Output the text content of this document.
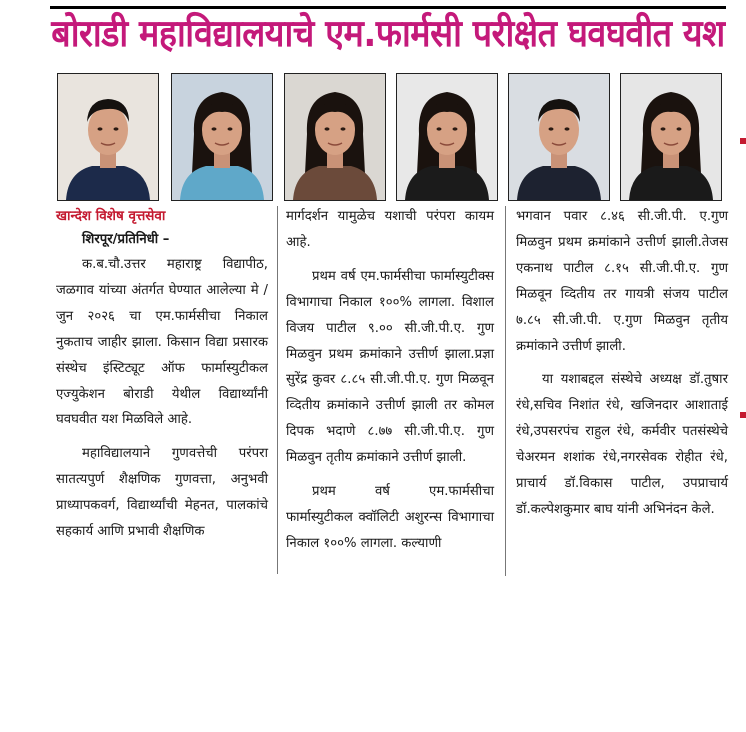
बोराडी महाविद्यालयाचे एम.फार्मसी परीक्षेत घवघवीत यश
खान्देश विशेष वृत्तसेवा
शिरपूर/प्रतिनिधी –

क.ब.चौ.उत्तर महाराष्ट्र विद्यापीठ, जळगाव यांच्या अंतर्गत घेण्यात आलेल्या मे / जुन २०२६ चा एम.फार्मसीचा निकाल नुकताच जाहीर झाला. किसान विद्या प्रसारक संस्थेच इंस्टिट्यूट ऑफ फार्मास्युटीकल एज्युकेशन बोराडी येथील विद्यार्थ्यांनी घवघवीत यश मिळविले आहे.

महाविद्यालयाने गुणवत्तेची परंपरा सातत्यपुर्ण शैक्षणिक गुणवत्ता, अनुभवी प्राध्यापकवर्ग, विद्यार्थ्यांची मेहनत, पालकांचे सहकार्य आणि प्रभावी शैक्षणिक

मार्गदर्शन यामुळेच यशाची परंपरा कायम आहे.

प्रथम वर्ष एम.फार्मसीचा फार्मास्युटीक्स विभागाचा निकाल १००% लागला. विशाल विजय पाटील ९.०० सी.जी.पी.ए. गुण मिळवुन प्रथम क्रमांकाने उत्तीर्ण झाला.प्रज्ञा सुरेंद्र कुवर ८.८५ सी.जी.पी.ए. गुण मिळवून व्दितीय क्रमांकाने उत्तीर्ण झाली तर कोमल दिपक भदाणे ८.७७ सी.जी.पी.ए. गुण मिळवुन तृतीय क्रमांकाने उत्तीर्ण झाली.

प्रथम वर्ष एम.फार्मसीचा फार्मास्युटीकल क्वॉलिटी अशुरन्स विभागाचा निकाल १००% लागला. कल्याणी

भगवान पवार ८.४६ सी.जी.पी. ए.गुण मिळवुन प्रथम क्रमांकाने उत्तीर्ण झाली.तेजस एकनाथ पाटील ८.१५ सी.जी.पी.ए. गुण मिळवून व्दितीय तर गायत्री संजय पाटील ७.८५ सी.जी.पी. ए.गुण मिळवुन तृतीय क्रमांकाने उत्तीर्ण झाली.

या यशाबद्दल संस्थेचे अध्यक्ष डॉ.तुषार रंधे,सचिव निशांत रंधे, खजिनदार आशाताई रंधे,उपसरपंच राहुल रंधे, कर्मवीर पतसंस्थेचे चेअरमन शशांक रंधे,नगरसेवक रोहीत रंधे, प्राचार्य डॉ.विकास पाटील, उपप्राचार्य डॉ.कल्पेशकुमार बाघ यांनी अभिनंदन केले.
